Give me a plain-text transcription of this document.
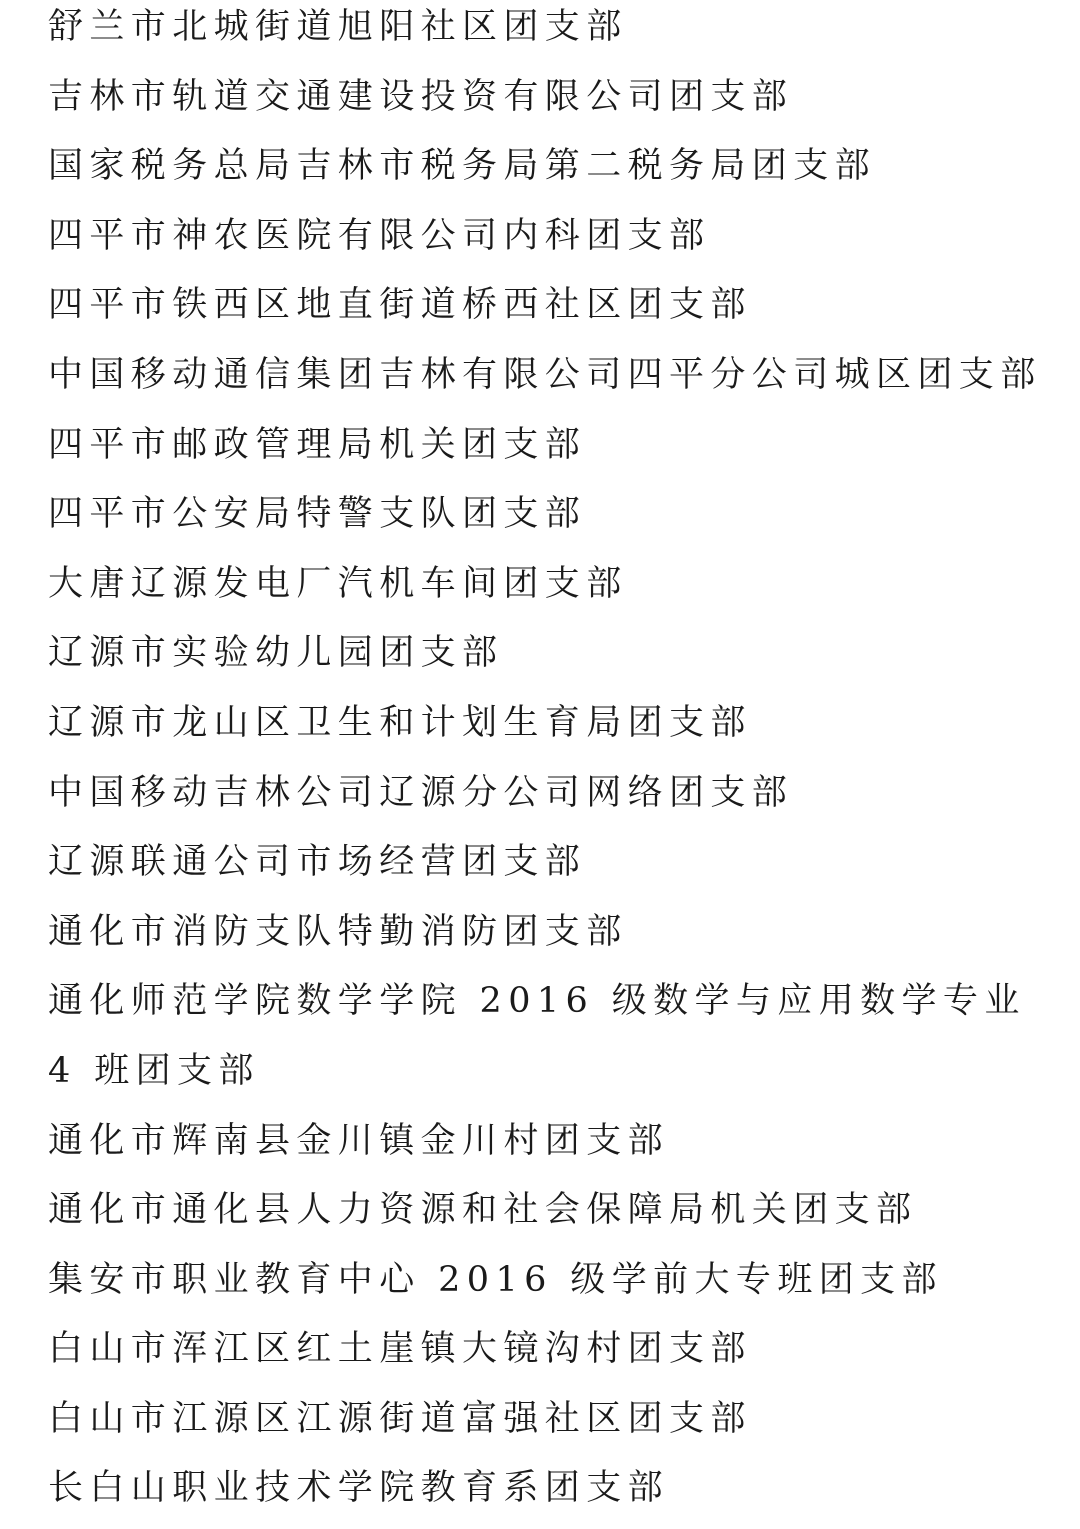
舒兰市北城街道旭阳社区团支部
吉林市轨道交通建设投资有限公司团支部
国家税务总局吉林市税务局第二税务局团支部
四平市神农医院有限公司内科团支部
四平市铁西区地直街道桥西社区团支部
中国移动通信集团吉林有限公司四平分公司城区团支部
四平市邮政管理局机关团支部
四平市公安局特警支队团支部
大唐辽源发电厂汽机车间团支部
辽源市实验幼儿园团支部
辽源市龙山区卫生和计划生育局团支部
中国移动吉林公司辽源分公司网络团支部
辽源联通公司市场经营团支部
通化市消防支队特勤消防团支部
通化师范学院数学学院 2016 级数学与应用数学专业
4 班团支部
通化市辉南县金川镇金川村团支部
通化市通化县人力资源和社会保障局机关团支部
集安市职业教育中心 2016 级学前大专班团支部
白山市浑江区红土崖镇大镜沟村团支部
白山市江源区江源街道富强社区团支部
长白山职业技术学院教育系团支部
